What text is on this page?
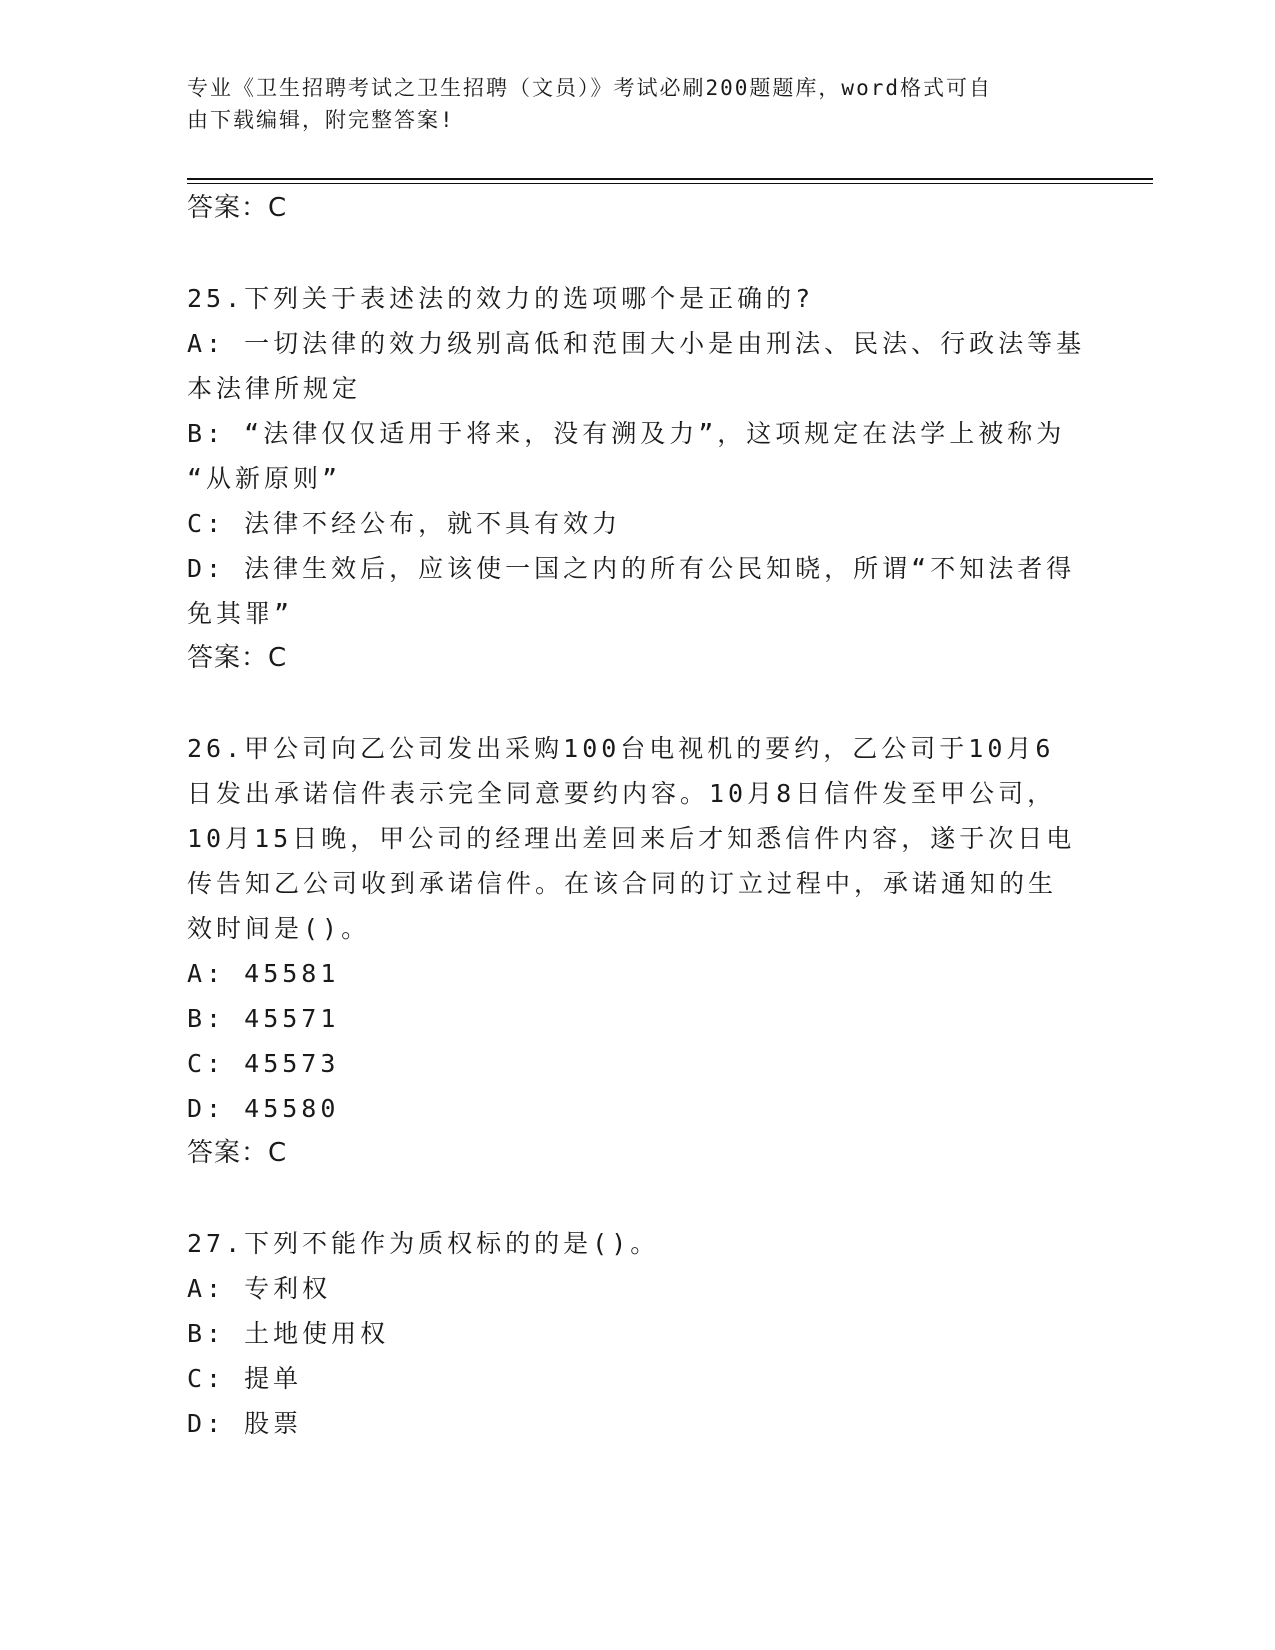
专业《卫生招聘考试之卫生招聘（文员）》考试必刷200题题库，word格式可自
由下载编辑，附完整答案!

答案：C

25.下列关于表述法的效力的选项哪个是正确的?

A: 一切法律的效力级别高低和范围大小是由刑法、民法、行政法等基

本法律所规定

B: “法律仅仅适用于将来，没有溯及力”，这项规定在法学上被称为

“从新原则”

C: 法律不经公布，就不具有效力

D: 法律生效后，应该使一国之内的所有公民知晓，所谓“不知法者得

免其罪”

答案：C

26.甲公司向乙公司发出采购100台电视机的要约，乙公司于10月6

日发出承诺信件表示完全同意要约内容。10月8日信件发至甲公司，

10月15日晚，甲公司的经理出差回来后才知悉信件内容，遂于次日电

传告知乙公司收到承诺信件。在该合同的订立过程中，承诺通知的生

效时间是()。

A: 45581

B: 45571

C: 45573

D: 45580

答案：C

27.下列不能作为质权标的的是()。

A: 专利权

B: 土地使用权

C: 提单

D: 股票
